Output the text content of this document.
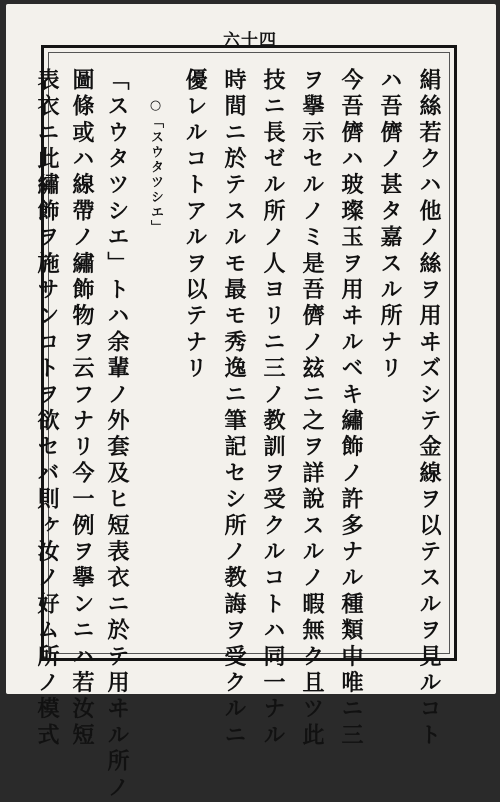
六十四
絹絲若クハ他ノ絲ヲ用ヰズシテ金線ヲ以テスルヲ見ルコト
ハ吾儕ノ甚タ嘉スル所ナリ
今吾儕ハ玻璨玉ヲ用ヰルベキ繡飾ノ許多ナル種類中唯ニ三
ヲ擧示セルノミ是吾儕ノ玆ニ之ヲ詳說スルノ暇無ク且ツ此
技ニ長ゼル所ノ人ヨリニ三ノ教訓ヲ受クルコトハ同一ナル
時間ニ於テスルモ最モ秀逸ニ筆記セシ所ノ教誨ヲ受クルニ
優レルコトアルヲ以テナリ
○「スウタツシエ」
「スウタツシエ」トハ余輩ノ外套及ヒ短表衣ニ於テ用ヰル所ノ
圖條或ハ線帶ノ繡飾物ヲ云フナリ今一例ヲ擧ンニハ若汝短
表衣ニ此繡飾ヲ施サンコトヲ欲セバ則ヶ汝ノ好ム所ノ模式
